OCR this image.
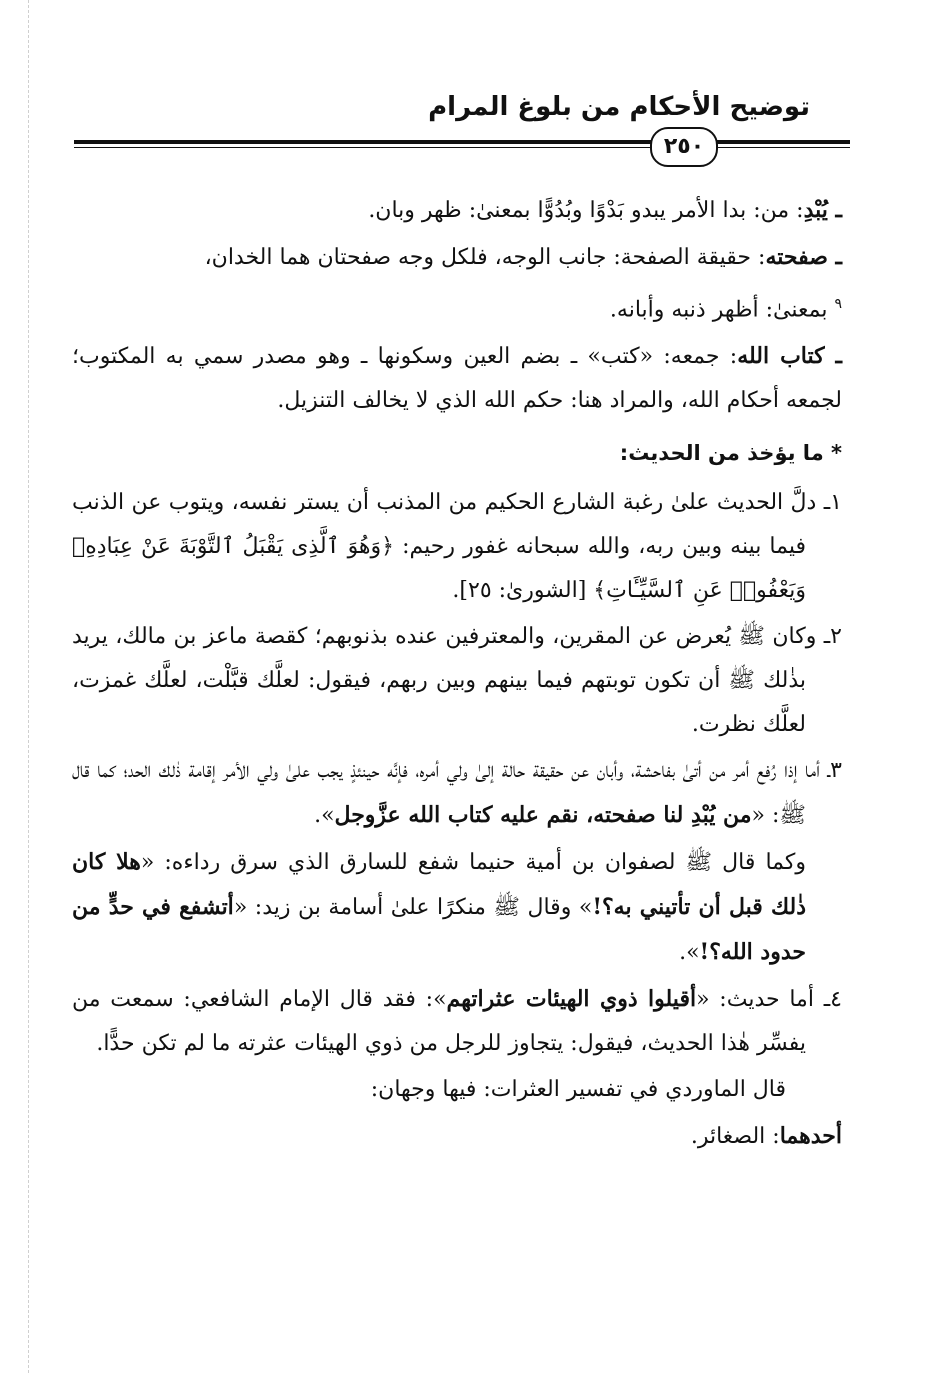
توضيح الأحكام من بلوغ المرام
٢٥٠

ـ يُبْدِ: من: بدا الأمر يبدو بَدْوًا وبُدُوًّا بمعنىٰ: ظهر وبان.

ـ صفحته: حقيقة الصفحة: جانب الوجه، فلكل وجه صفحتان هما الخدان،

$^٩$ بمعنىٰ: أظهر ذنبه وأبانه.

ـ كتاب الله: جمعه: «كتب» ـ بضم العين وسكونها ـ وهو مصدر سمي به المكتوب؛ لجمعه أحكام الله، والمراد هنا: حكم الله الذي لا يخالف التنزيل.

* ما يؤخذ من الحديث:

١ـ دلَّ الحديث علىٰ رغبة الشارع الحكيم من المذنب أن يستر نفسه، ويتوب عن الذنب فيما بينه وبين ربه، والله سبحانه غفور رحيم: ﴿وَهُوَ ٱلَّذِى يَقْبَلُ ٱلتَّوْبَةَ عَنْ عِبَادِهِۦ وَيَعْفُوا۟ عَنِ ٱلسَّيِّـَٔاتِ﴾ [الشورىٰ: ٢٥].

٢ـ وكان ﷺ يُعرض عن المقرين، والمعترفين عنده بذنوبهم؛ كقصة ماعز بن مالك، يريد بذٰلك ﷺ أن تكون توبتهم فيما بينهم وبين ربهم، فيقول: لعلَّك قبَّلْت، لعلَّك غمزت، لعلَّك نظرت.

٣ـ أما إذا رُفع أمر من أتىٰ بفاحشة، وأبان عن حقيقة حالة إلىٰ ولي أمره، فإنَّه حينئذٍ يجب علىٰ ولي الأمر إقامة ذٰلك الحد؛ كما قال ﷺ: «من يُبْدِ لنا صفحته، نقم عليه كتاب الله عزَّوجل».

وكما قال ﷺ لصفوان بن أمية حنيما شفع للسارق الذي سرق رداءه: «هلا كان ذٰلك قبل أن تأتيني به؟!» وقال ﷺ منكرًا علىٰ أسامة بن زيد: «أتشفع في حدٍّ من حدود الله؟!».

٤ـ أما حديث: «أقيلوا ذوي الهيئات عثراتهم»: فقد قال الإمام الشافعي: سمعت من يفسِّر هٰذا الحديث، فيقول: يتجاوز للرجل من ذوي الهيئات عثرته ما لم تكن حدًّا.

قال الماوردي في تفسير العثرات: فيها وجهان:

أحدهما: الصغائر.
